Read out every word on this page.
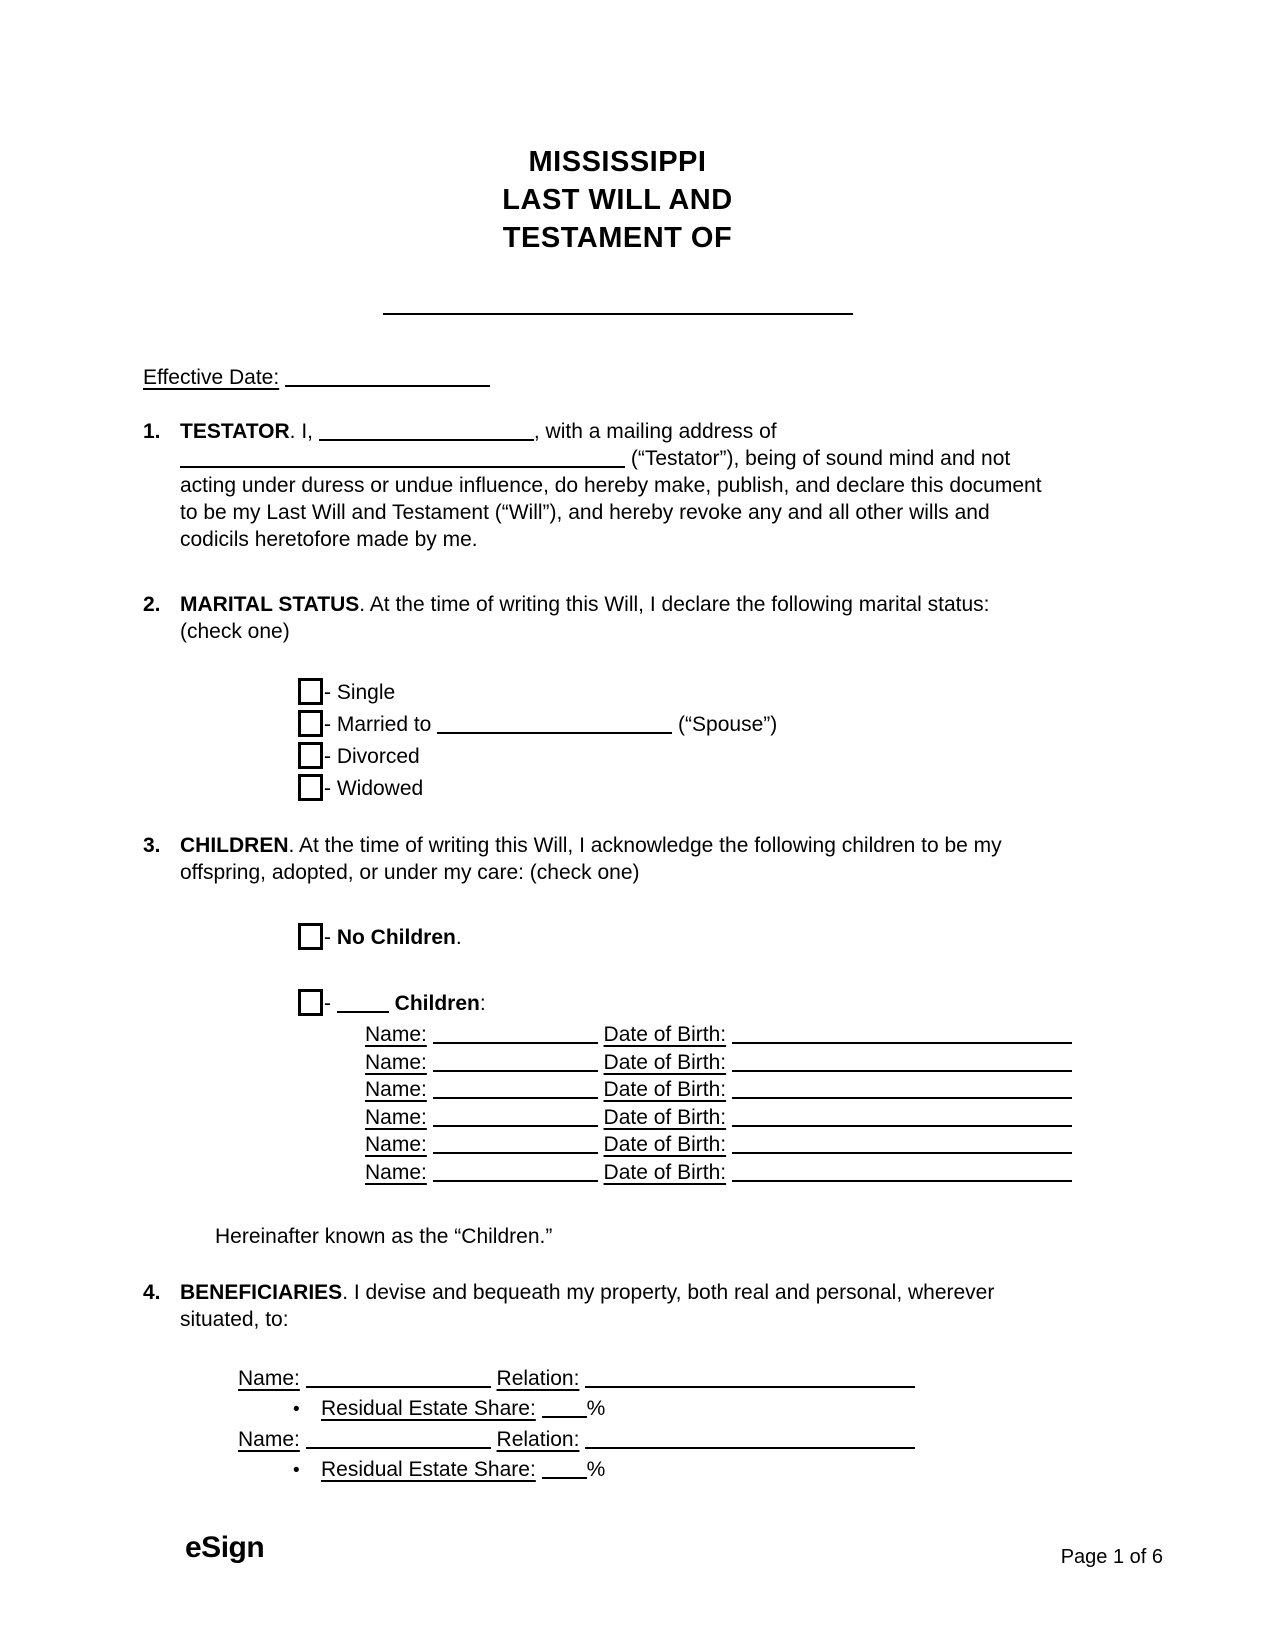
MISSISSIPPI
LAST WILL AND
TESTAMENT OF
Effective Date:
1. TESTATOR. I,	, with a mailing address of
(“Testator”), being of sound mind and not acting under duress or undue influence, do hereby make, publish, and declare this document to be my Last Will and Testament (“Will”), and hereby revoke any and all other wills and codicils heretofore made by me.
2. MARITAL STATUS. At the time of writing this Will, I declare the following marital status: (check one)
- Single
- Married to	(“Spouse”)
- Divorced
- Widowed
3. CHILDREN. At the time of writing this Will, I acknowledge the following children to be my offspring, adopted, or under my care: (check one)
- No Children.
-	Children:
Name:	Date of Birth:
Name:	Date of Birth:
Name:	Date of Birth:
Name:	Date of Birth:
Name:	Date of Birth:
Name:	Date of Birth:
Hereinafter known as the “Children.”
4. BENEFICIARIES. I devise and bequeath my property, both real and personal, wherever situated, to:
Name:	Relation:
• Residual Estate Share: %
Name:	Relation:
• Residual Estate Share: %
eSign	Page 1 of 6
